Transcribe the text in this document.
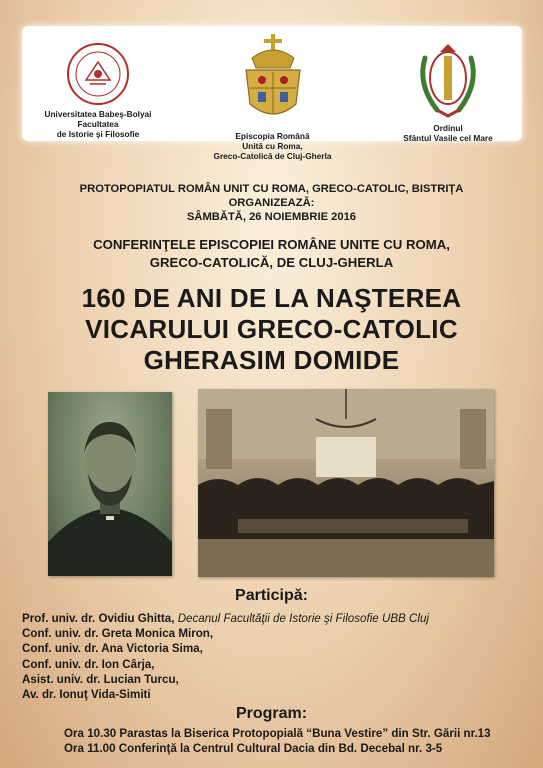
Universitatea Babeş-Bolyai
Facultatea
de Istorie şi Filosofie	Episcopia Română
Unită cu Roma,
Greco-Catolică de Cluj-Gherla
Ordinul
Sfântul Vasile cel Mare
PROTOPOPIATUL ROMÂN UNIT CU ROMA, GRECO-CATOLIC, BISTRIŢA
ORGANIZEAZĂ:
SÂMBĂTĂ, 26 NOIEMBRIE 2016
CONFERINŢELE EPISCOPIEI ROMÂNE UNITE CU ROMA,
GRECO-CATOLICĂ, DE CLUJ-GHERLA
160 DE ANI DE LA NAŞTEREA
VICARULUI GRECO-CATOLIC
GHERASIM DOMIDE
Participă:
Prof. univ. dr. Ovidiu Ghitta, Decanul Facultăţii de Istorie şi Filosofie UBB Cluj
Conf. univ. dr. Greta Monica Miron,
Conf. univ. dr. Ana Victoria Sima,
Conf. univ. dr. Ion Cârja,
Asist. univ. dr. Lucian Turcu,
Av. dr. Ionuţ Vida-Simiti
Program:
Ora 10.30 Parastas la Biserica Protopopială “Buna Vestire” din Str. Gării nr.13
Ora 11.00 Conferinţă la Centrul Cultural Dacia din Bd. Decebal nr. 3-5
